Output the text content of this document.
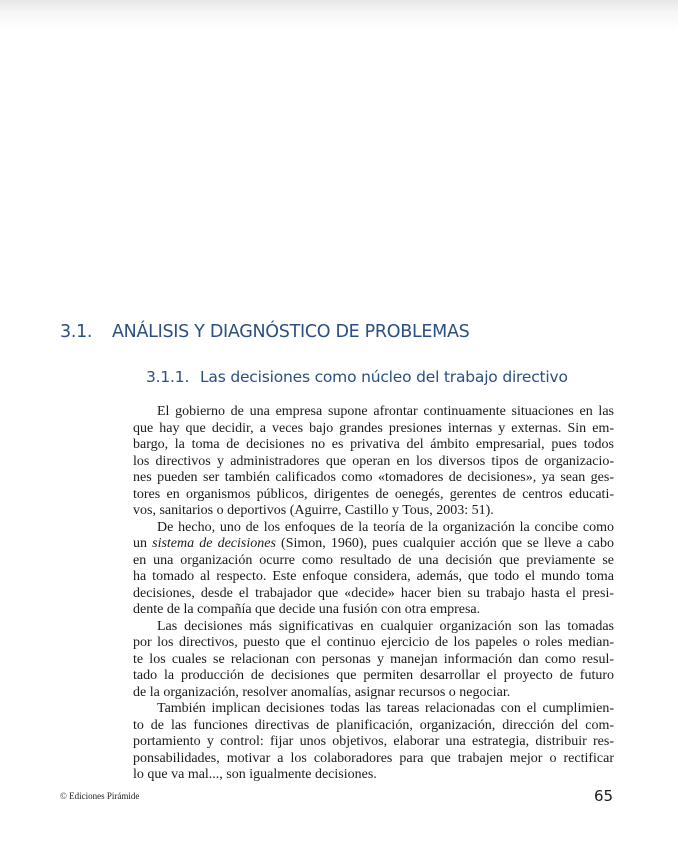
3.1. ANÁLISIS Y DIAGNÓSTICO DE PROBLEMAS
3.1.1. Las decisiones como núcleo del trabajo directivo
El gobierno de una empresa supone afrontar continuamente situaciones en las
que hay que decidir, a veces bajo grandes presiones internas y externas. Sin em-
bargo, la toma de decisiones no es privativa del ámbito empresarial, pues todos
los directivos y administradores que operan en los diversos tipos de organizacio-
nes pueden ser también calificados como «tomadores de decisiones», ya sean ges-
tores en organismos públicos, dirigentes de oenegés, gerentes de centros educati-
vos, sanitarios o deportivos (Aguirre, Castillo y Tous, 2003: 51).
De hecho, uno de los enfoques de la teoría de la organización la concibe como
un sistema de decisiones (Simon, 1960), pues cualquier acción que se lleve a cabo
en una organización ocurre como resultado de una decisión que previamente se
ha tomado al respecto. Este enfoque considera, además, que todo el mundo toma
decisiones, desde el trabajador que «decide» hacer bien su trabajo hasta el presi-
dente de la compañía que decide una fusión con otra empresa.
Las decisiones más significativas en cualquier organización son las tomadas
por los directivos, puesto que el continuo ejercicio de los papeles o roles median-
te los cuales se relacionan con personas y manejan información dan como resul-
tado la producción de decisiones que permiten desarrollar el proyecto de futuro
de la organización, resolver anomalías, asignar recursos o negociar.
También implican decisiones todas las tareas relacionadas con el cumplimien-
to de las funciones directivas de planificación, organización, dirección del com-
portamiento y control: fijar unos objetivos, elaborar una estrategia, distribuir res-
ponsabilidades, motivar a los colaboradores para que trabajen mejor o rectificar
lo que va mal..., son igualmente decisiones.
© Ediciones Pirámide	65
